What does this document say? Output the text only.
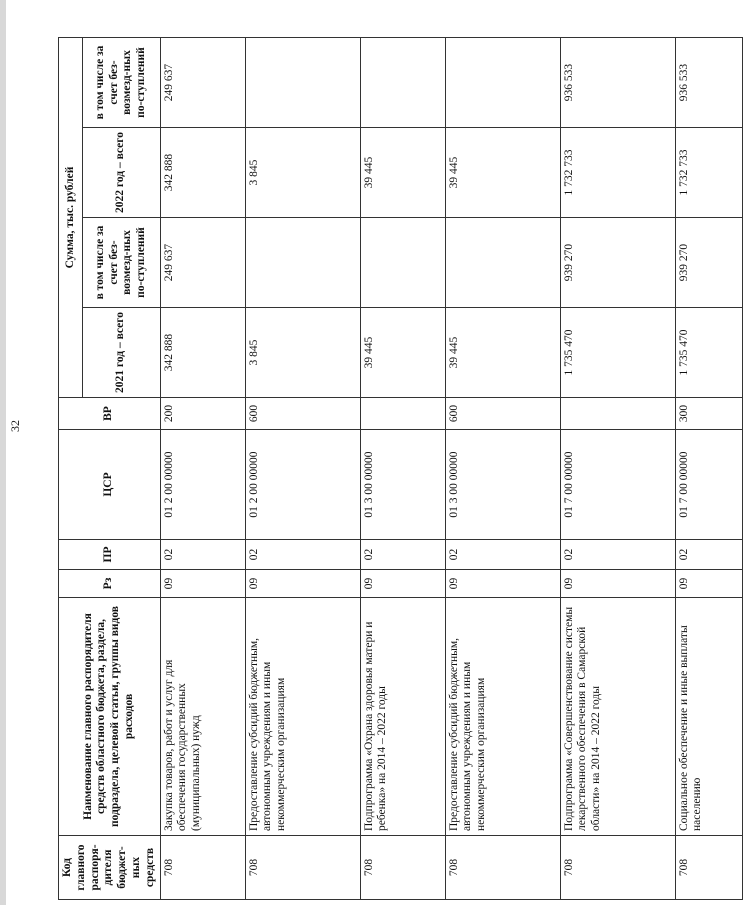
32
Код главного распоря-дителя бюджет-ных средств	Наименование главного распорядителя средств областного бюджета, раздела, подраздела, целевой статьи, группы видов расходов	Рз	ПР	ЦСР	ВР	Сумма, тыс. рублей			
						2021 год – всего	в том числе за счет без-возмезд-ных по-ступлений	2022 год – всего	в том числе за счет без-возмезд-ных по-ступлений
708	Закупка товаров, работ и услуг для обеспечения государственных (муниципальных) нужд	09	02	01 2 00 00000	200	342 888	249 637	342 888	249 637
708	Предоставление субсидий бюджетным, автономным учреждениям и иным некоммерческим организациям	09	02	01 2 00 00000	600	3 845		3 845	
708	Подпрограмма «Охрана здоровья матери и ребенка» на 2014 – 2022 годы	09	02	01 3 00 00000		39 445		39 445	
708	Предоставление субсидий бюджетным, автономным учреждениям и иным некоммерческим организациям	09	02	01 3 00 00000	600	39 445		39 445	
708	Подпрограмма «Совершенствование системы лекарственного обеспечения в Самарской области» на 2014 – 2022 годы	09	02	01 7 00 00000		1 735 470	939 270	1 732 733	936 533
708	Социальное обеспечение и иные выплаты населению	09	02	01 7 00 00000	300	1 735 470	939 270	1 732 733	936 533
